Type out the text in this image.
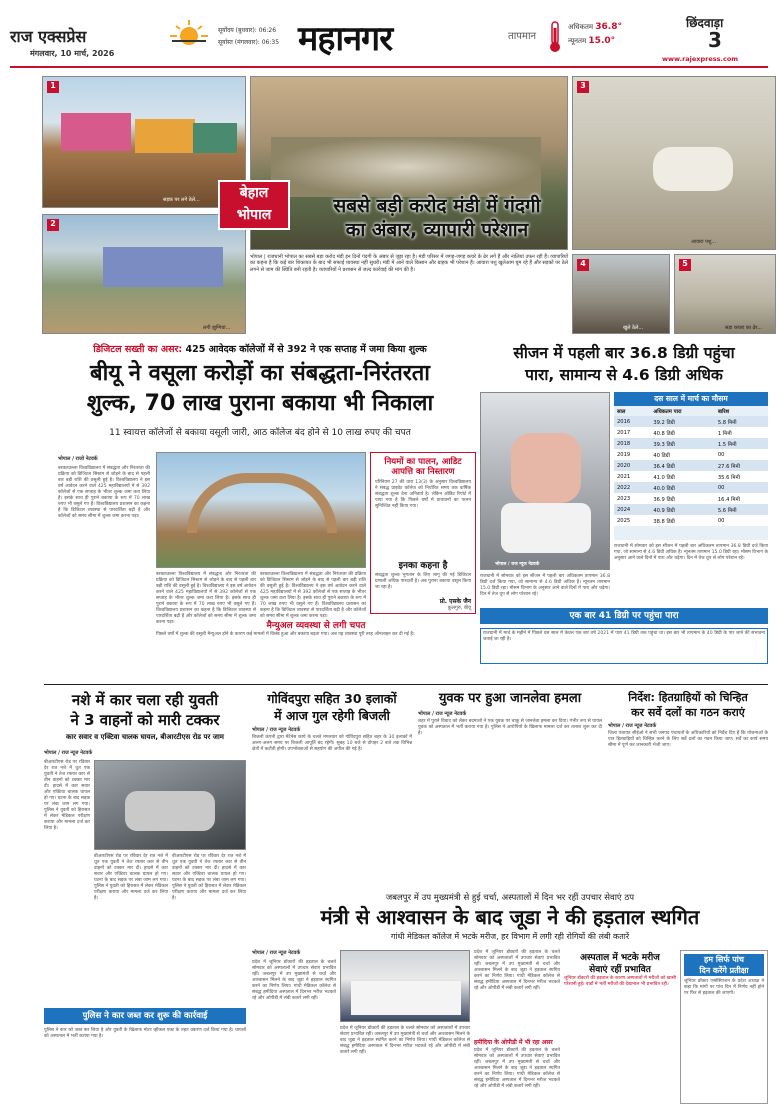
राज एक्सप्रेस
मंगलवार, 10 मार्च, 2026
सूर्योदय (बुधवार): 06:26
सूर्यास्त (मंगलवार): 06:35 महानगर	तापमान
अधिकतम 36.8°
न्यूनतम 15.0°
छिंदवाड़ा
3
www.rajexpress.com
1
सड़क पर लगे ठेले...
2
लगी झुग्गियां...
3
आवारा पशु...
बेहाल
भोपाल	सबसे बड़ी करोद मंडी में गंदगी
का अंबार, व्यापारी परेशान
भोपाल | राजधानी भोपाल का सबसे बड़ा करोद मंडी इन दिनों गंदगी के अंबार से जूझ रहा है। मंडी परिसर में जगह-जगह कचरे के ढेर लगे हैं और नालियां उफन रही हैं। व्यापारियों का कहना है कि कई बार शिकायत के बाद भी सफाई व्यवस्था नहीं सुधरी। मंडी में आने वाले किसान और ग्राहक भी परेशान हैं। आवारा पशु खुलेआम घूम रहे हैं और सड़कों पर ठेले लगने से जाम की स्थिति बनी रहती है। व्यापारियों ने प्रशासन से जल्द कार्रवाई की मांग की है।
4
खुले ठेले...
5
सड़ा कचरा का ढेर...
डिजिटल सख्ती का असर: 425 आवेदक कॉलेजों में से 392 ने एक सप्ताह में जमा किया शुल्क
बीयू ने वसूला करोड़ों का संबद्धता-निरंतरता
शुल्क, 70 लाख पुराना बकाया भी निकाला
11 स्वायत्त कॉलेजों से बकाया वसूली जारी, आठ कॉलेज बंद होने से 10 लाख रुपए की चपत
भोपाल / राजो नेटवर्क
बरकतउल्ला विश्वविद्यालय में संबद्धता और निरंतरता की प्रक्रिया को डिजिटल सिस्टम से जोड़ने के बाद से पहली बार बड़ी राशि की वसूली हुई है। विश्वविद्यालय ने इस वर्ष आवेदन करने वाले 425 महाविद्यालयों में से 392 कॉलेजों से एक सप्ताह के भीतर शुल्क जमा करा लिया है। इसके साथ ही पुराने बकाया के रूप में 70 लाख रुपए भी वसूले गए हैं। विश्वविद्यालय प्रशासन का कहना है कि डिजिटल व्यवस्था से पारदर्शिता बढ़ी है और कॉलेजों को समय सीमा में शुल्क जमा करना पड़ा।
नियमों का पालन, आडिट आपत्ति का निस्तारण
परिनियम 27 की धारा 13(3) के अनुसार विश्वविद्यालय ने संबद्ध प्राइवेट कॉलेज को निर्धारित समय तक वार्षिक संबद्धता शुल्क देना अनिवार्य है। लेकिन ऑडिट रिपोर्ट में पाया गया है कि पिछले वर्षों में प्रावधानों का पालन सुनिश्चित नहीं किया गया।
इनका कहना है
संबद्धता शुल्क भुगतान के लिए लागू की गई डिजिटल प्रणाली अधिक पारदर्शी है। अब पुराना बकाया वसूल किया जा रहा है।
प्रो. एसके जैन
कुलगुरु, बीयू
बरकतउल्ला विश्वविद्यालय में संबद्धता और निरंतरता की प्रक्रिया को डिजिटल सिस्टम से जोड़ने के बाद से पहली बार बड़ी राशि की वसूली हुई है। विश्वविद्यालय ने इस वर्ष आवेदन करने वाले 425 महाविद्यालयों में से 392 कॉलेजों से एक सप्ताह के भीतर शुल्क जमा करा लिया है। इसके साथ ही पुराने बकाया के रूप में 70 लाख रुपए भी वसूले गए हैं। विश्वविद्यालय प्रशासन का कहना है कि डिजिटल व्यवस्था से पारदर्शिता बढ़ी है और कॉलेजों को समय सीमा में शुल्क जमा करना पड़ा।
बरकतउल्ला विश्वविद्यालय में संबद्धता और निरंतरता की प्रक्रिया को डिजिटल सिस्टम से जोड़ने के बाद से पहली बार बड़ी राशि की वसूली हुई है। विश्वविद्यालय ने इस वर्ष आवेदन करने वाले 425 महाविद्यालयों में से 392 कॉलेजों से एक सप्ताह के भीतर शुल्क जमा करा लिया है। इसके साथ ही पुराने बकाया के रूप में 70 लाख रुपए भी वसूले गए हैं। विश्वविद्यालय प्रशासन का कहना है कि डिजिटल व्यवस्था से पारदर्शिता बढ़ी है और कॉलेजों को समय सीमा में शुल्क जमा करना पड़ा।
मैन्युअल व्यवस्था से लगी चपत
पिछले वर्षों में शुल्क की वसूली मैन्युअल होने के कारण कई मामलों में विलंब हुआ और बकाया बढ़ता गया। अब यह व्यवस्था पूरी तरह ऑनलाइन कर दी गई है।
सीजन में पहली बार 36.8 डिग्री पहुंचा
पारा, सामान्य से 4.6 डिग्री अधिक
भोपाल / राज न्यूज नेटवर्क
दस साल में मार्च का मौसम
साल	अधिकतम पारा	बारिश
2016	39.2 डिग्री	5.8 मिमी
2017	40.8 डिग्री	1 मिमी
2018	39.3 डिग्री	1.5 मिमी
2019	40 डिग्री	00
2020	36.4 डिग्री	27.6 मिमी
2021	41.0 डिग्री	35.6 मिमी
2022	40.0 डिग्री	00
2023	36.9 डिग्री	16.4 मिमी
2024	40.9 डिग्री	5.6 मिमी
2025	38.8 डिग्री	00
राजधानी में सोमवार को इस सीजन में पहली बार अधिकतम तापमान 36.8 डिग्री दर्ज किया गया, जो सामान्य से 4.6 डिग्री अधिक है। न्यूनतम तापमान 15.0 डिग्री रहा। मौसम विभाग के अनुसार आने वाले दिनों में पारा और चढ़ेगा। दिन में तेज धूप से लोग परेशान रहे।
राजधानी में सोमवार को इस सीजन में पहली बार अधिकतम तापमान 36.8 डिग्री दर्ज किया गया, जो सामान्य से 4.6 डिग्री अधिक है। न्यूनतम तापमान 15.0 डिग्री रहा। मौसम विभाग के अनुसार आने वाले दिनों में पारा और चढ़ेगा। दिन में तेज धूप से लोग परेशान रहे।
एक बार 41 डिग्री पर पहुंचा पारा
राजधानी में मार्च के महीने में पिछले दस साल में केवल एक बार वर्ष 2021 में पारा 41 डिग्री तक पहुंचा था। इस बार भी तापमान के 40 डिग्री के पार जाने की संभावना जताई जा रही है।
नशे में कार चला रही युवती
ने 3 वाहनों को मारी टक्कर
कार सवार व एक्टिवा चालक घायल, बीआरटीएस रोड पर जाम
भोपाल / राज न्यूज नेटवर्क
बीआरटीएस रोड पर रविवार देर रात नशे में धुत एक युवती ने तेज रफ्तार कार से तीन वाहनों को टक्कर मार दी। हादसे में कार सवार और एक्टिवा चालक घायल हो गए। घटना के बाद सड़क पर लंबा जाम लग गया। पुलिस ने युवती को हिरासत में लेकर मेडिकल परीक्षण कराया और मामला दर्ज कर लिया है।
बीआरटीएस रोड पर रविवार देर रात नशे में धुत एक युवती ने तेज रफ्तार कार से तीन वाहनों को टक्कर मार दी। हादसे में कार सवार और एक्टिवा चालक घायल हो गए। घटना के बाद सड़क पर लंबा जाम लग गया। पुलिस ने युवती को हिरासत में लेकर मेडिकल परीक्षण कराया और मामला दर्ज कर लिया है।
बीआरटीएस रोड पर रविवार देर रात नशे में धुत एक युवती ने तेज रफ्तार कार से तीन वाहनों को टक्कर मार दी। हादसे में कार सवार और एक्टिवा चालक घायल हो गए। घटना के बाद सड़क पर लंबा जाम लग गया। पुलिस ने युवती को हिरासत में लेकर मेडिकल परीक्षण कराया और मामला दर्ज कर लिया है।
पुलिस ने कार जब्त कर शुरू की कार्रवाई
पुलिस ने कार को जब्त कर लिया है और युवती के खिलाफ मोटर व्हीकल एक्ट के तहत प्रकरण दर्ज किया गया है। घायलों को अस्पताल में भर्ती कराया गया है।
गोविंदपुरा सहित 30 इलाकों
में आज गुल रहेगी बिजली
भोपाल / राज न्यूज नेटवर्क
बिजली कंपनी द्वारा मेंटेनेंस कार्य के चलते मंगलवार को गोविंदपुरा सहित शहर के 30 इलाकों में अलग-अलग समय पर बिजली आपूर्ति बंद रहेगी। सुबह 10 बजे से दोपहर 2 बजे तक विभिन्न क्षेत्रों में कटौती होगी। उपभोक्ताओं से सहयोग की अपील की गई है।
युवक पर हुआ जानलेवा हमला
भोपाल / राज न्यूज नेटवर्क
शहर में पुराने विवाद को लेकर बदमाशों ने एक युवक पर चाकू से जानलेवा हमला कर दिया। गंभीर रूप से घायल युवक को अस्पताल में भर्ती कराया गया है। पुलिस ने आरोपियों के खिलाफ मामला दर्ज कर तलाश शुरू कर दी है।
निर्देश: हितग्राहियों को चिन्हित
कर सर्वे दलों का गठन कराएं
भोपाल / राज न्यूज नेटवर्क
जिला पंचायत सीईओ ने सभी जनपद पंचायतों के अधिकारियों को निर्देश दिए हैं कि योजनाओं के पात्र हितग्राहियों को चिन्हित करने के लिए सर्वे दलों का गठन किया जाए। सर्वे का कार्य समय सीमा में पूर्ण कर जानकारी भेजी जाए।
जबलपुर में उप मुख्यमंत्री से हुई चर्चा, अस्पतालों में दिन भर रहीं उपचार सेवाएं ठप
मंत्री से आश्वासन के बाद जूडा ने की हड़ताल स्थगित
गांधी मेडिकल कॉलेज में भटके मरीज, हर विभाग में लगी रही रोगियों की लंबी कतारें
भोपाल / राज न्यूज नेटवर्क
प्रदेश में जूनियर डॉक्टरों की हड़ताल के चलते सोमवार को अस्पतालों में उपचार सेवाएं प्रभावित रहीं। जबलपुर में उप मुख्यमंत्री से चर्चा और आश्वासन मिलने के बाद जूडा ने हड़ताल स्थगित करने का निर्णय लिया। गांधी मेडिकल कॉलेज से संबद्ध हमीदिया अस्पताल में दिनभर मरीज भटकते रहे और ओपीडी में लंबी कतारें लगी रहीं।
प्रदेश में जूनियर डॉक्टरों की हड़ताल के चलते सोमवार को अस्पतालों में उपचार सेवाएं प्रभावित रहीं। जबलपुर में उप मुख्यमंत्री से चर्चा और आश्वासन मिलने के बाद जूडा ने हड़ताल स्थगित करने का निर्णय लिया। गांधी मेडिकल कॉलेज से संबद्ध हमीदिया अस्पताल में दिनभर मरीज भटकते रहे और ओपीडी में लंबी कतारें लगी रहीं।
प्रदेश में जूनियर डॉक्टरों की हड़ताल के चलते सोमवार को अस्पतालों में उपचार सेवाएं प्रभावित रहीं। जबलपुर में उप मुख्यमंत्री से चर्चा और आश्वासन मिलने के बाद जूडा ने हड़ताल स्थगित करने का निर्णय लिया। गांधी मेडिकल कॉलेज से संबद्ध हमीदिया अस्पताल में दिनभर मरीज भटकते रहे और ओपीडी में लंबी कतारें लगी रहीं।
हमीदिया के ओपीडी में भी रहा असर
प्रदेश में जूनियर डॉक्टरों की हड़ताल के चलते सोमवार को अस्पतालों में उपचार सेवाएं प्रभावित रहीं। जबलपुर में उप मुख्यमंत्री से चर्चा और आश्वासन मिलने के बाद जूडा ने हड़ताल स्थगित करने का निर्णय लिया। गांधी मेडिकल कॉलेज से संबद्ध हमीदिया अस्पताल में दिनभर मरीज भटकते रहे और ओपीडी में लंबी कतारें लगी रहीं।
अस्पताल में भटके मरीज
सेवाएं रहीं प्रभावित
जूनियर डॉक्टरों की हड़ताल के कारण अस्पतालों में मरीजों को खासी परेशानी हुई। वार्डों में भर्ती मरीजों की देखभाल भी प्रभावित रही।
हम सिर्फ पांच
दिन करेंगे प्रतीक्षा
जूनियर डॉक्टर एसोसिएशन के प्रदेश अध्यक्ष ने कहा कि मांगों पर पांच दिन में निर्णय नहीं होने पर फिर से हड़ताल की जाएगी।
